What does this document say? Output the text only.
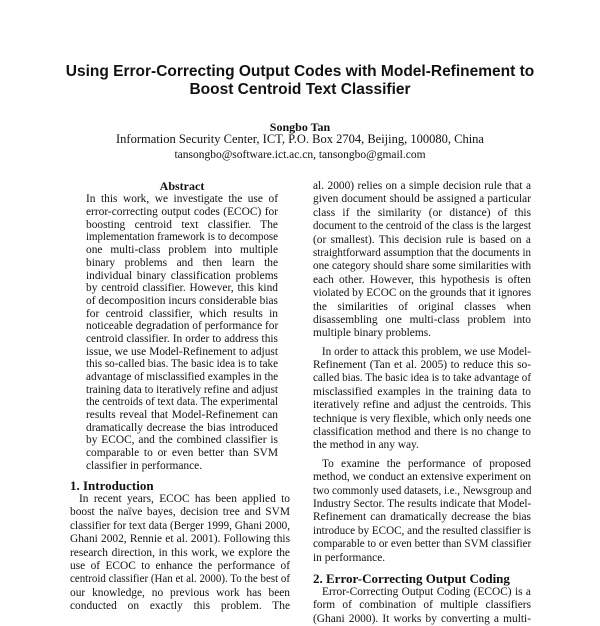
Using Error-Correcting Output Codes with Model-Refinement to
Boost Centroid Text Classifier
Songbo Tan
Information Security Center, ICT, P.O. Box 2704, Beijing, 100080, China
tansongbo@software.ict.ac.cn, tansongbo@gmail.com
Abstract
In this work, we investigate the use of
error-correcting output codes (ECOC) for
boosting centroid text classifier. The
implementation framework is to decompose
one multi-class problem into multiple
binary problems and then learn the
individual binary classification problems
by centroid classifier. However, this kind
of decomposition incurs considerable bias
for centroid classifier, which results in
noticeable degradation of performance for
centroid classifier. In order to address this
issue, we use Model-Refinement to adjust
this so-called bias. The basic idea is to take
advantage of misclassified examples in the
training data to iteratively refine and adjust
the centroids of text data. The experimental
results reveal that Model-Refinement can
dramatically decrease the bias introduced
by ECOC, and the combined classifier is
comparable to or even better than SVM
classifier in performance.
1. Introduction
In recent years, ECOC has been applied to
boost the naïve bayes, decision tree and SVM
classifier for text data (Berger 1999, Ghani 2000,
Ghani 2002, Rennie et al. 2001). Following this
research direction, in this work, we explore the
use of ECOC to enhance the performance of
centroid classifier (Han et al. 2000). To the best of
our knowledge, no previous work has been
conducted on exactly this problem. The
al. 2000) relies on a simple decision rule that a
given document should be assigned a particular
class if the similarity (or distance) of this
document to the centroid of the class is the largest
(or smallest). This decision rule is based on a
straightforward assumption that the documents in
one category should share some similarities with
each other. However, this hypothesis is often
violated by ECOC on the grounds that it ignores
the similarities of original classes when
disassembling one multi-class problem into
multiple binary problems.
In order to attack this problem, we use Model-
Refinement (Tan et al. 2005) to reduce this so-
called bias. The basic idea is to take advantage of
misclassified examples in the training data to
iteratively refine and adjust the centroids. This
technique is very flexible, which only needs one
classification method and there is no change to
the method in any way.
To examine the performance of proposed
method, we conduct an extensive experiment on
two commonly used datasets, i.e., Newsgroup and
Industry Sector. The results indicate that Model-
Refinement can dramatically decrease the bias
introduce by ECOC, and the resulted classifier is
comparable to or even better than SVM classifier
in performance.
2. Error-Correcting Output Coding
Error-Correcting Output Coding (ECOC) is a
form of combination of multiple classifiers
(Ghani 2000). It works by converting a multi-
